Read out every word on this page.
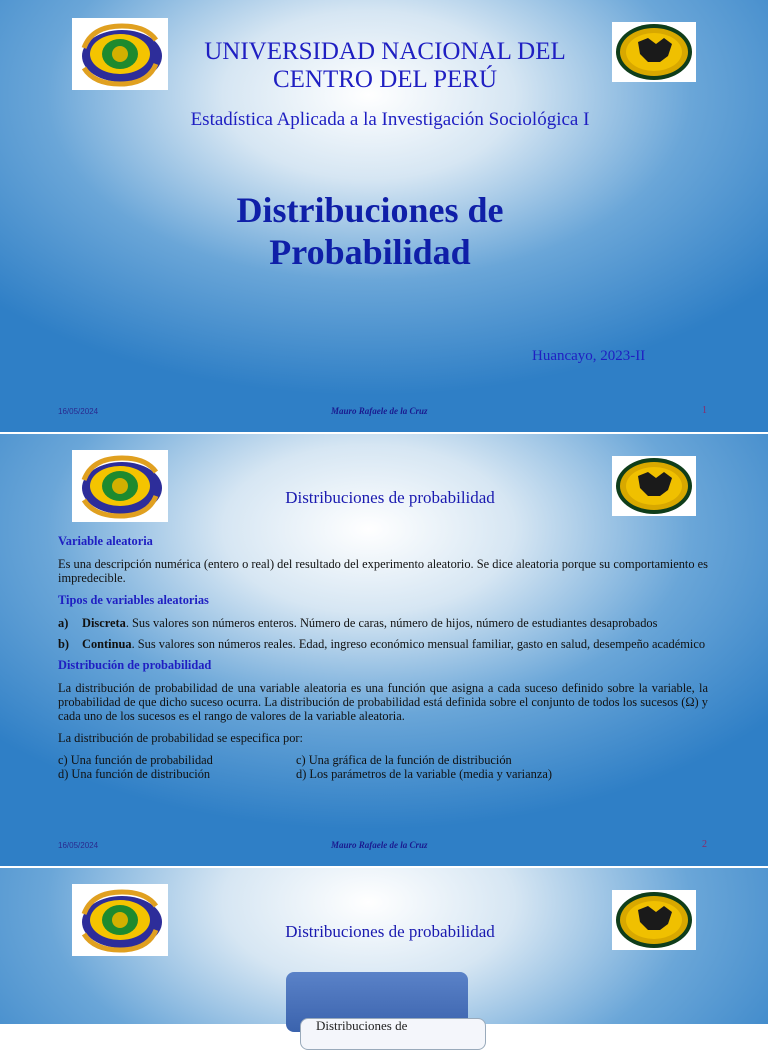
UNIVERSIDAD NACIONAL DEL
CENTRO DEL PERÚ
Estadística Aplicada a la Investigación Sociológica I
Distribuciones de
Probabilidad
Huancayo, 2023-II
16/05/2024	Mauro Rafaele de la Cruz	1
Distribuciones de probabilidad
Variable aleatoria

Es una descripción numérica (entero o real) del resultado del experimento aleatorio. Se dice aleatoria porque su comportamiento es impredecible.

Tipos de variables aleatorias
a)	Discreta. Sus valores son números enteros. Número de caras, número de hijos, número de estudiantes desaprobados
b)	Continua. Sus valores son números reales. Edad, ingreso económico mensual familiar, gasto en salud, desempeño académico
Distribución de probabilidad

La distribución de probabilidad de una variable aleatoria es una función que asigna a cada suceso definido sobre la variable, la probabilidad de que dicho suceso ocurra. La distribución de probabilidad está definida sobre el conjunto de todos los sucesos (Ω) y cada uno de los sucesos es el rango de valores de la variable aleatoria.

La distribución de probabilidad se especifica por:

c) Una función de probabilidad	c) Una gráfica de la función de distribución
d) Una función de distribución	d) Los parámetros de la variable (media y varianza)
16/05/2024	Mauro Rafaele de la Cruz	2
Distribuciones de probabilidad
Distribuciones de
